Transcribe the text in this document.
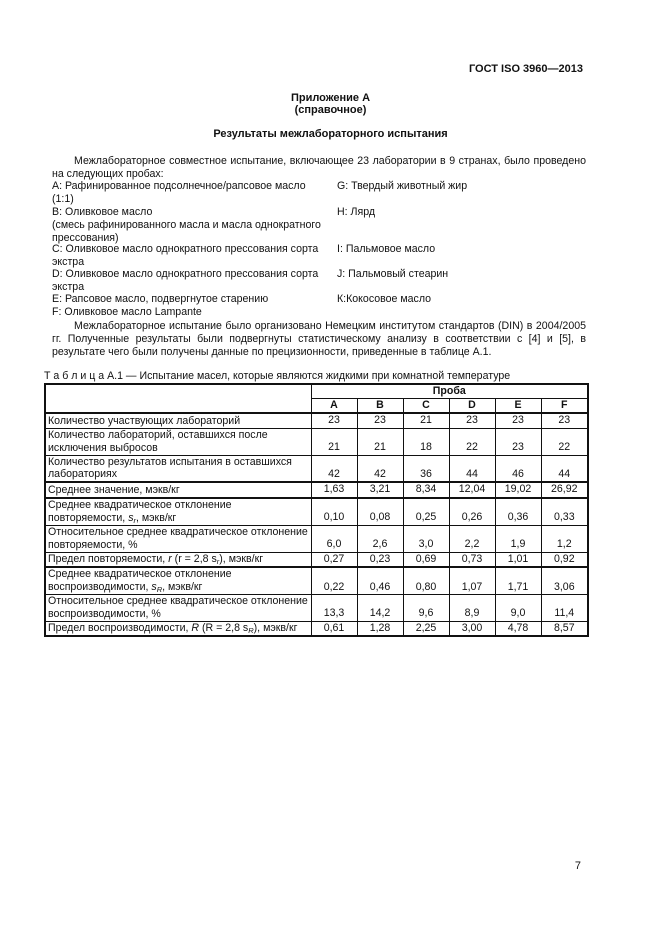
ГОСТ ISO 3960—2013
Приложение А
(справочное)
Результаты межлабораторного испытания
Межлабораторное совместное испытание, включающее 23 лаборатории в 9 странах, было проведено на следующих пробах:
А: Рафинированное подсолнечное/рапсовое масло (1:1)
В: Оливковое масло
(смесь рафинированного масла и масла однократного прессования)
С: Оливковое масло однократного прессования сорта экстра
D: Оливковое масло однократного прессования сорта экстра
Е: Рапсовое масло, подвергнутое старению
F: Оливковое масло Lampante
G: Твердый животный жир
Н: Лярд
I: Пальмовое масло
J: Пальмовый стеарин
К:Кокосовое масло
Межлабораторное испытание было организовано Немецким институтом стандартов (DIN) в 2004/2005 гг. Полученные результаты были подвергнуты статистическому анализу в соответствии с [4] и [5], в результате чего были получены данные по прецизионности, приведенные в таблице А.1.
Т а б л и ц а А.1 — Испытание масел, которые являются жидкими при комнатной температуре
	Проба					
	A	B	C	D	E	F
Количество участвующих лабораторий	23	23	21	23	23	23
Количество лабораторий, оставшихся после исключения выбросов	21	21	18	22	23	22
Количество результатов испытания в оставшихся лабораториях	42	42	36	44	46	44
Среднее значение, мэкв/кг	1,63	3,21	8,34	12,04	19,02	26,92
Среднее квадратическое отклонение повторяемости, $s_r$, мэкв/кг	0,10	0,08	0,25	0,26	0,36	0,33
Относительное среднее квадратическое отклонение повторяемости, %	6,0	2,6	3,0	2,2	1,9	1,2
Предел повторяемости, r (r = 2,8 $s_r$), мэкв/кг	0,27	0,23	0,69	0,73	1,01	0,92
Среднее квадратическое отклонение воспроизводимости, $s_R$, мэкв/кг	0,22	0,46	0,80	1,07	1,71	3,06
Относительное среднее квадратическое отклонение воспроизводимости, %	13,3	14,2	9,6	8,9	9,0	11,4
Предел воспроизводимости, R (R = 2,8 $s_R$), мэкв/кг	0,61	1,28	2,25	3,00	4,78	8,57
7
